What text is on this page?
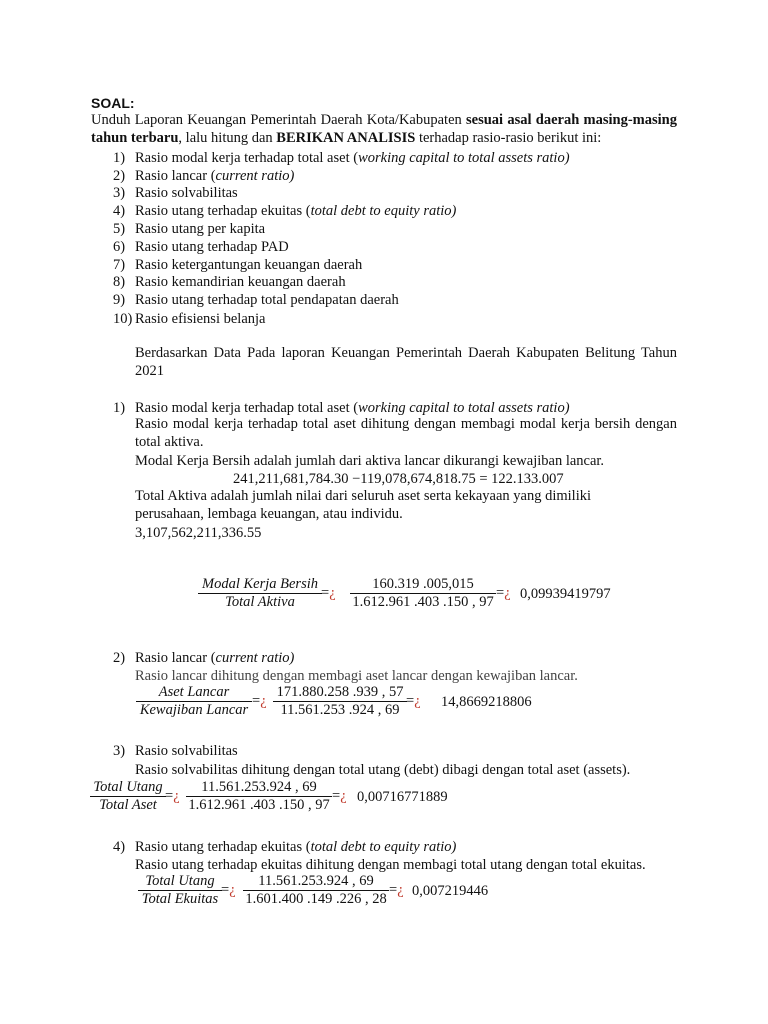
SOAL:
Unduh Laporan Keuangan Pemerintah Daerah Kota/Kabupaten sesuai asal daerah masing-masing tahun terbaru, lalu hitung dan BERIKAN ANALISIS terhadap rasio-rasio berikut ini:
1) Rasio modal kerja terhadap total aset (working capital to total assets ratio)
2) Rasio lancar (current ratio)
3) Rasio solvabilitas
4) Rasio utang terhadap ekuitas (total debt to equity ratio)
5) Rasio utang per kapita
6) Rasio utang terhadap PAD
7) Rasio ketergantungan keuangan daerah
8) Rasio kemandirian keuangan daerah
9) Rasio utang terhadap total pendapatan daerah
10) Rasio efisiensi belanja
Berdasarkan Data Pada laporan Keuangan Pemerintah Daerah Kabupaten Belitung Tahun 2021
1) Rasio modal kerja terhadap total aset (working capital to total assets ratio)
Rasio modal kerja terhadap total aset dihitung dengan membagi modal kerja bersih dengan total aktiva.
Modal Kerja Bersih adalah jumlah dari aktiva lancar dikurangi kewajiban lancar.
241,211,681,784.30 −119,078,674,818.75 = 122.133.007
Total Aktiva adalah jumlah nilai dari seluruh aset serta kekayaan yang dimiliki perusahaan, lembaga keuangan, atau individu.
3,107,562,211,336.55
Modal Kerja Bersih
Total Aktiva
=¿ $\frac{160.319 .005,015}{1.612.961 .403 .150 , 97}$ =¿ 0,09939419797
2) Rasio lancar (current ratio)
Rasio lancar dihitung dengan membagi aset lancar dengan kewajiban lancar.
Aset Lancar
Kewajiban Lancar
=¿ $\frac{171.880.258 .939 , 57}{11.561.253 .924 , 69}$ =¿ 14,8669218806
3) Rasio solvabilitas
Rasio solvabilitas dihitung dengan total utang (debt) dibagi dengan total aset (assets).
Total Utang
Total Aset
=¿ $\frac{11.561.253.924 , 69}{1.612.961 .403 .150 , 97}$ =¿ 0,00716771889
4) Rasio utang terhadap ekuitas (total debt to equity ratio)
Rasio utang terhadap ekuitas dihitung dengan membagi total utang dengan total ekuitas.
Total Utang
Total Ekuitas
=¿ $\frac{11.561.253.924 , 69}{1.601.400 .149 .226 , 28}$ =¿ 0,007219446
